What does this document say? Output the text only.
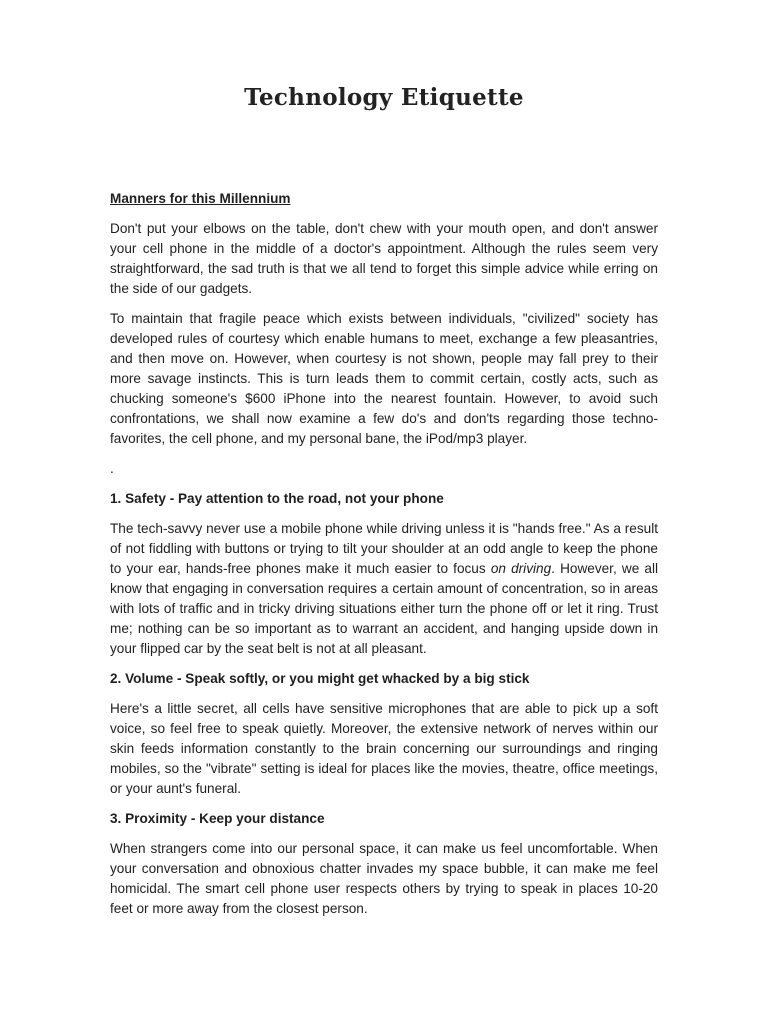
Technology Etiquette

Manners for this Millennium

Don't put your elbows on the table, don't chew with your mouth open, and don't answer your cell phone in the middle of a doctor's appointment. Although the rules seem very straightforward, the sad truth is that we all tend to forget this simple advice while erring on the side of our gadgets.

To maintain that fragile peace which exists between individuals, "civilized" society has developed rules of courtesy which enable humans to meet, exchange a few pleasantries, and then move on. However, when courtesy is not shown, people may fall prey to their more savage instincts. This is turn leads them to commit certain, costly acts, such as chucking someone's $600 iPhone into the nearest fountain. However, to avoid such confrontations, we shall now examine a few do's and don'ts regarding those techno-favorites, the cell phone, and my personal bane, the iPod/mp3 player.

.

1. Safety - Pay attention to the road, not your phone

The tech-savvy never use a mobile phone while driving unless it is "hands free." As a result of not fiddling with buttons or trying to tilt your shoulder at an odd angle to keep the phone to your ear, hands-free phones make it much easier to focus on driving. However, we all know that engaging in conversation requires a certain amount of concentration, so in areas with lots of traffic and in tricky driving situations either turn the phone off or let it ring. Trust me; nothing can be so important as to warrant an accident, and hanging upside down in your flipped car by the seat belt is not at all pleasant.

2. Volume - Speak softly, or you might get whacked by a big stick

Here's a little secret, all cells have sensitive microphones that are able to pick up a soft voice, so feel free to speak quietly. Moreover, the extensive network of nerves within our skin feeds information constantly to the brain concerning our surroundings and ringing mobiles, so the "vibrate" setting is ideal for places like the movies, theatre, office meetings, or your aunt's funeral.

3. Proximity - Keep your distance

When strangers come into our personal space, it can make us feel uncomfortable. When your conversation and obnoxious chatter invades my space bubble, it can make me feel homicidal. The smart cell phone user respects others by trying to speak in places 10-20 feet or more away from the closest person.
